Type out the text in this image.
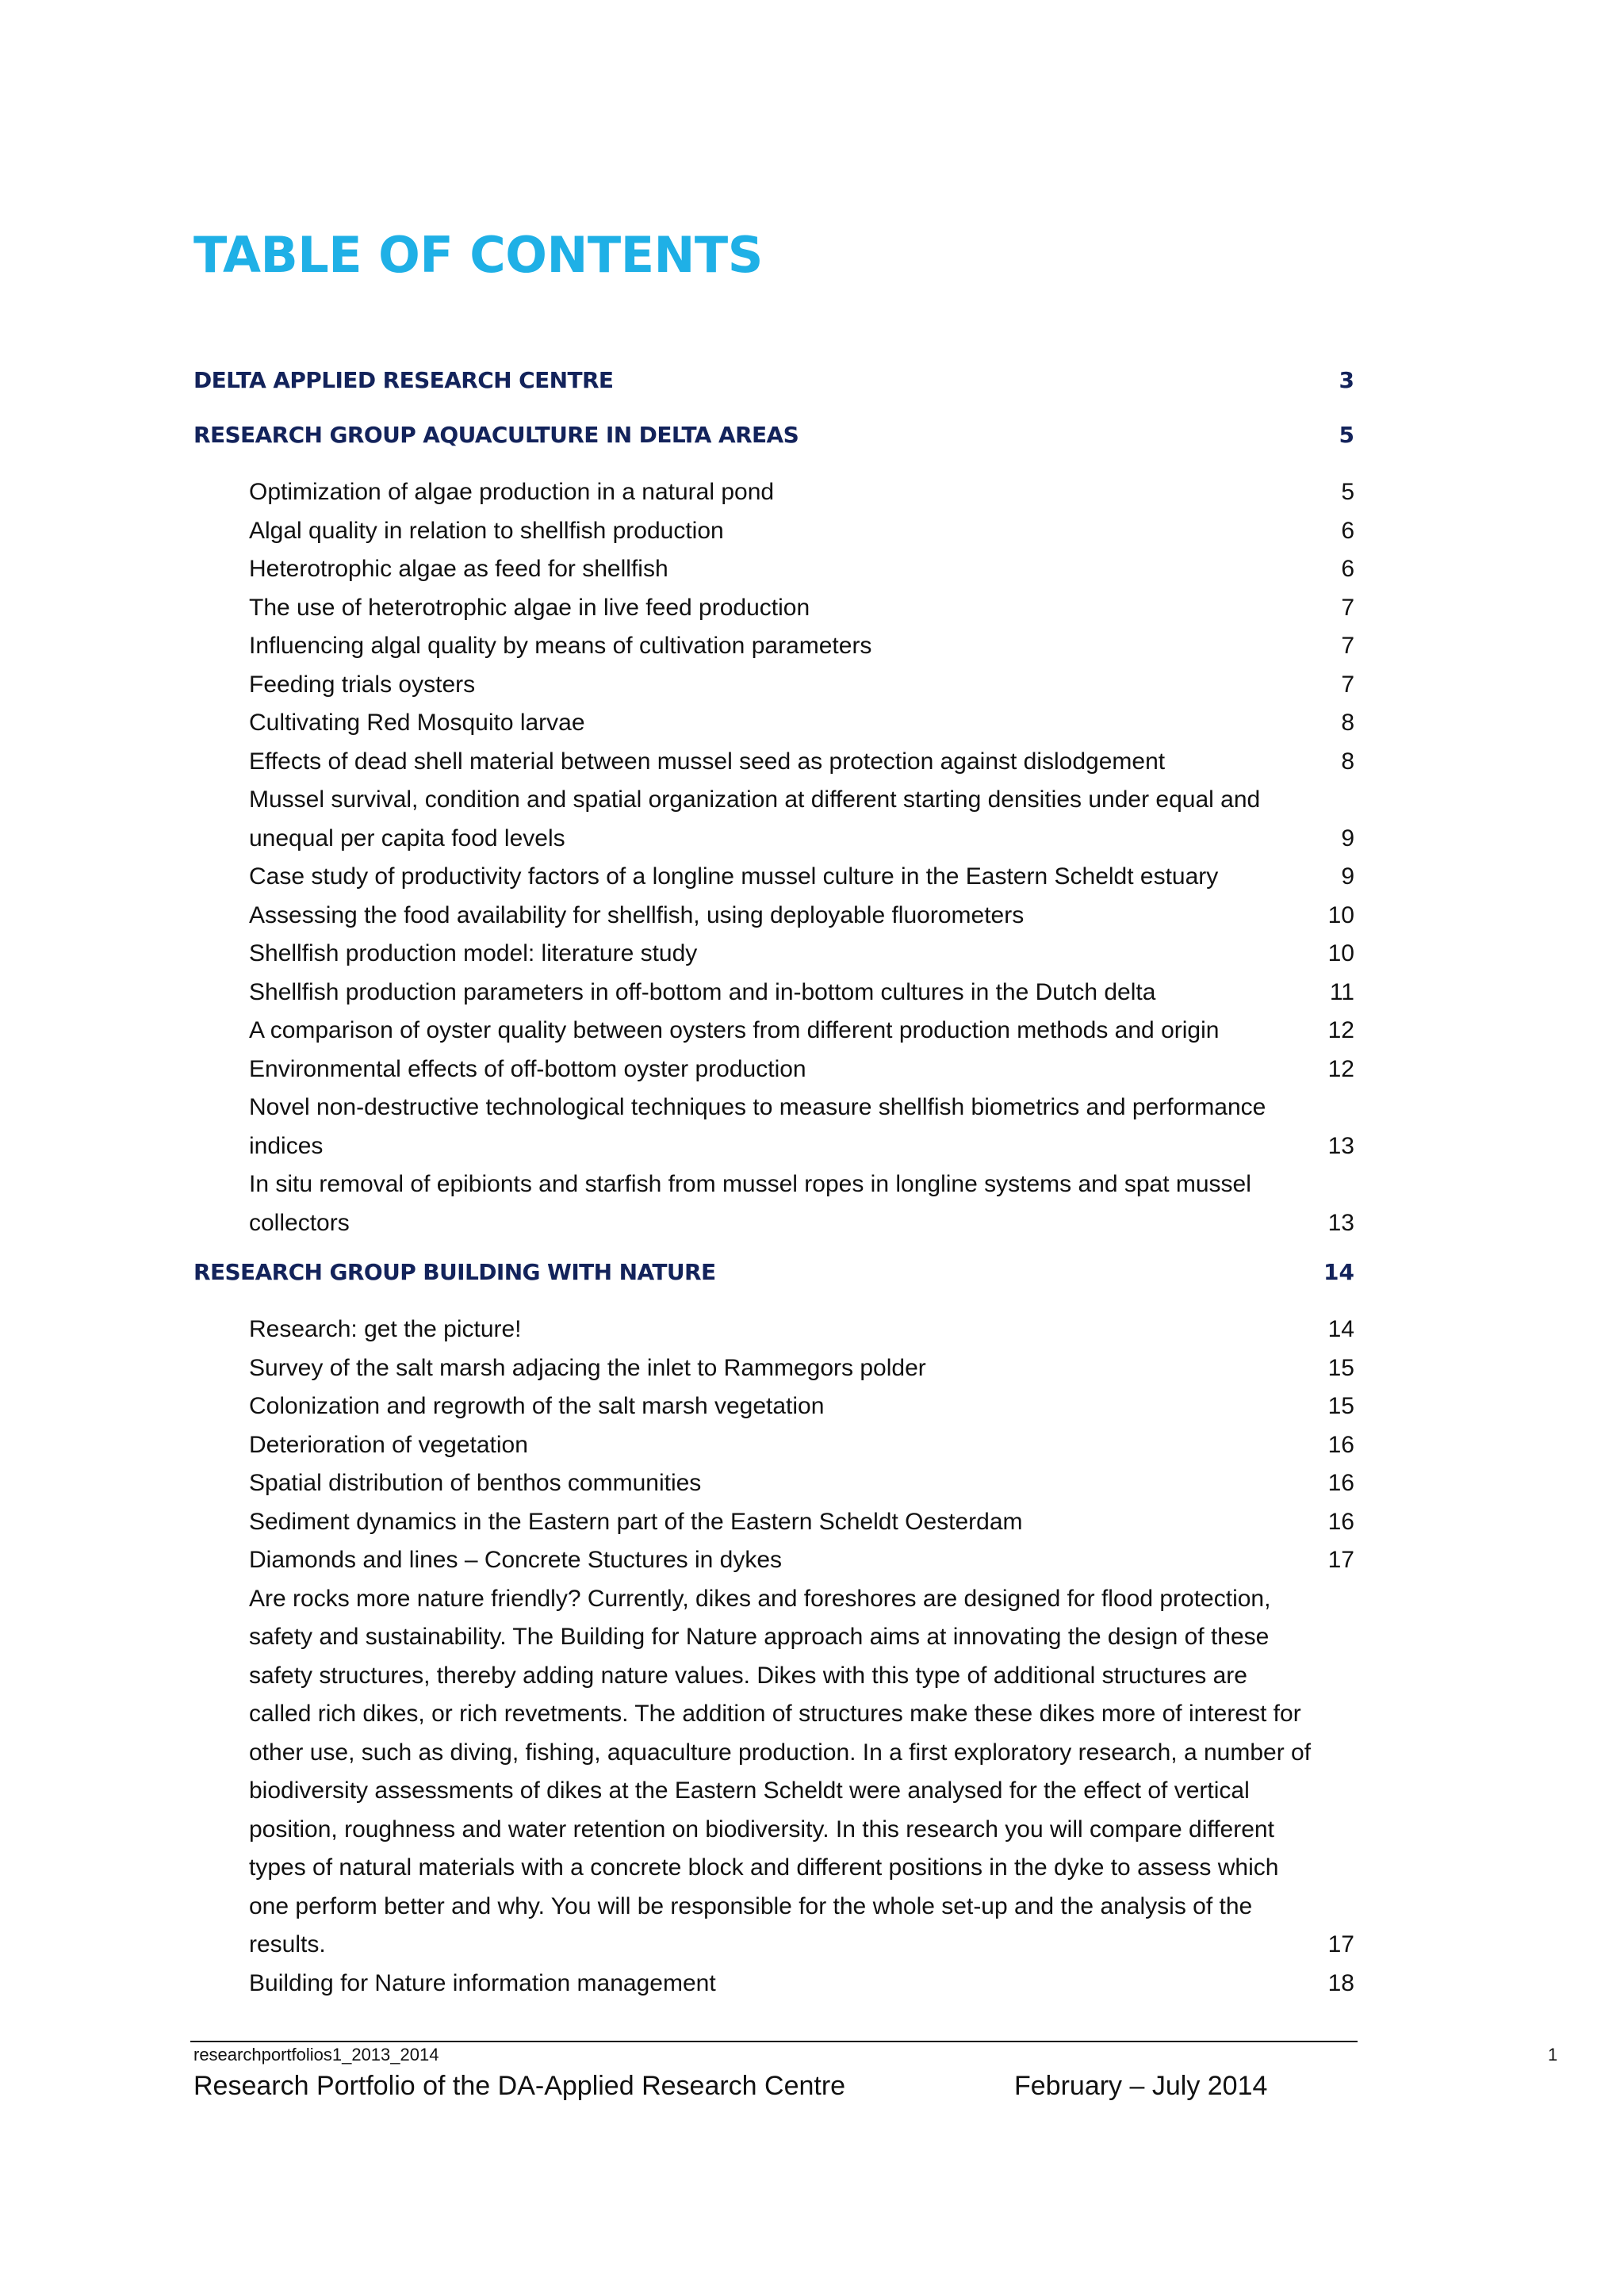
TABLE OF CONTENTS
DELTA APPLIED RESEARCH CENTRE	3
RESEARCH GROUP AQUACULTURE IN DELTA AREAS	5
Optimization of algae production in a natural pond	5
Algal quality in relation to shellfish production	6
Heterotrophic algae as feed for shellfish	6
The use of heterotrophic algae in live feed production	7
Influencing algal quality by means of cultivation parameters	7
Feeding trials oysters	7
Cultivating Red Mosquito larvae	8
Effects of dead shell material between mussel seed as protection against dislodgement	8
Mussel survival, condition and spatial organization at different starting densities under equal and unequal per capita food levels	9
Case study of productivity factors of a longline mussel culture in the Eastern Scheldt estuary	9
Assessing the food availability for shellfish, using deployable fluorometers	10
Shellfish production model: literature study	10
Shellfish production parameters in off-bottom and in-bottom cultures in the Dutch delta	11
A comparison of oyster quality between oysters from different production methods and origin	12
Environmental effects of off-bottom oyster production	12
Novel non-destructive technological techniques to measure shellfish biometrics and performance indices	13
In situ removal of epibionts and starfish from mussel ropes in longline systems and spat mussel collectors	13
RESEARCH GROUP BUILDING WITH NATURE	14
Research: get the picture!	14
Survey of the salt marsh adjacing the inlet to Rammegors polder	15
Colonization and regrowth of the salt marsh vegetation	15
Deterioration of vegetation	16
Spatial distribution of benthos communities	16
Sediment dynamics in the Eastern part of the Eastern Scheldt Oesterdam	16
Diamonds and lines – Concrete Stuctures in dykes	17
Are rocks more nature friendly? Currently, dikes and foreshores are designed for flood protection, safety and sustainability. The Building for Nature approach aims at innovating the design of these safety structures, thereby adding nature values. Dikes with this type of additional structures are called rich dikes, or rich revetments. The addition of structures make these dikes more of interest for other use, such as diving, fishing, aquaculture production. In a first exploratory research, a number of biodiversity assessments of dikes at the Eastern Scheldt were analysed for the effect of vertical position, roughness and water retention on biodiversity. In this research you will compare different types of natural materials with a concrete block and different positions in the dyke to assess which one perform better and why. You will be responsible for the whole set-up and the analysis of the results.	17
Building for Nature information management	18
researchportfolios1_2013_2014	1
Research Portfolio of the DA-Applied Research Centre	February – July 2014
